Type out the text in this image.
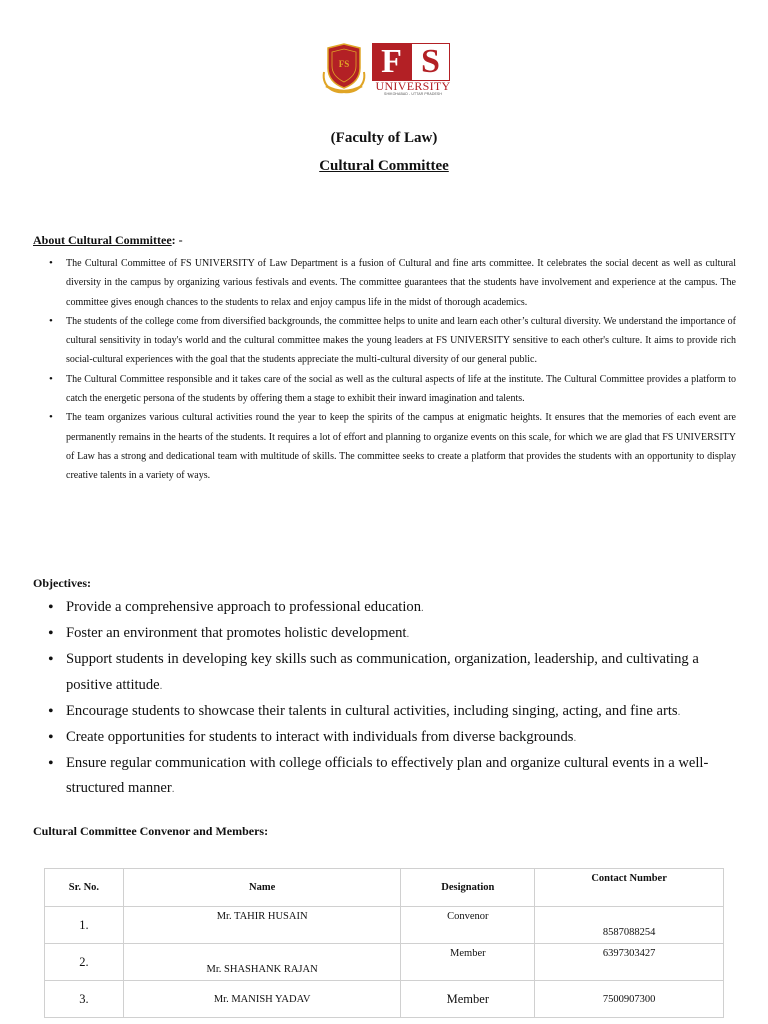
FS F S
UNIVERSITY
SHIKOHABAD - UTTAR PRADESH
(Faculty of Law)
Cultural Committee
About Cultural Committee: -
• The Cultural Committee of FS UNIVERSITY of Law Department is a fusion of Cultural and fine arts committee. It celebrates the social decent as well as cultural diversity in the campus by organizing various festivals and events. The committee guarantees that the students have involvement and experience at the campus. The committee gives enough chances to the students to relax and enjoy campus life in the midst of thorough academics.
• The students of the college come from diversified backgrounds, the committee helps to unite and learn each other’s cultural diversity. We understand the importance of cultural sensitivity in today's world and the cultural committee makes the young leaders at FS UNIVERSITY sensitive to each other's culture. It aims to provide rich social-cultural experiences with the goal that the students appreciate the multi-cultural diversity of our general public.
• The Cultural Committee responsible and it takes care of the social as well as the cultural aspects of life at the institute. The Cultural Committee provides a platform to catch the energetic persona of the students by offering them a stage to exhibit their inward imagination and talents.
• The team organizes various cultural activities round the year to keep the spirits of the campus at enigmatic heights. It ensures that the memories of each event are permanently remains in the hearts of the students. It requires a lot of effort and planning to organize events on this scale, for which we are glad that FS UNIVERSITY of Law has a strong and dedicational team with multitude of skills. The committee seeks to create a platform that provides the students with an opportunity to display creative talents in a variety of ways.
Objectives:
• Provide a comprehensive approach to professional education.
• Foster an environment that promotes holistic development.
• Support students in developing key skills such as communication, organization, leadership, and cultivating a positive attitude.
• Encourage students to showcase their talents in cultural activities, including singing, acting, and fine arts.
• Create opportunities for students to interact with individuals from diverse backgrounds.
• Ensure regular communication with college officials to effectively plan and organize cultural events in a well-structured manner.
Cultural Committee Convenor and Members:
Sr. No.	Name	Designation	Contact Number
1.	Mr. TAHIR HUSAIN	Convenor	8587088254
2.	Mr. SHASHANK RAJAN	Member	6397303427
3.	Mr. MANISH YADAV	Member	7500907300
